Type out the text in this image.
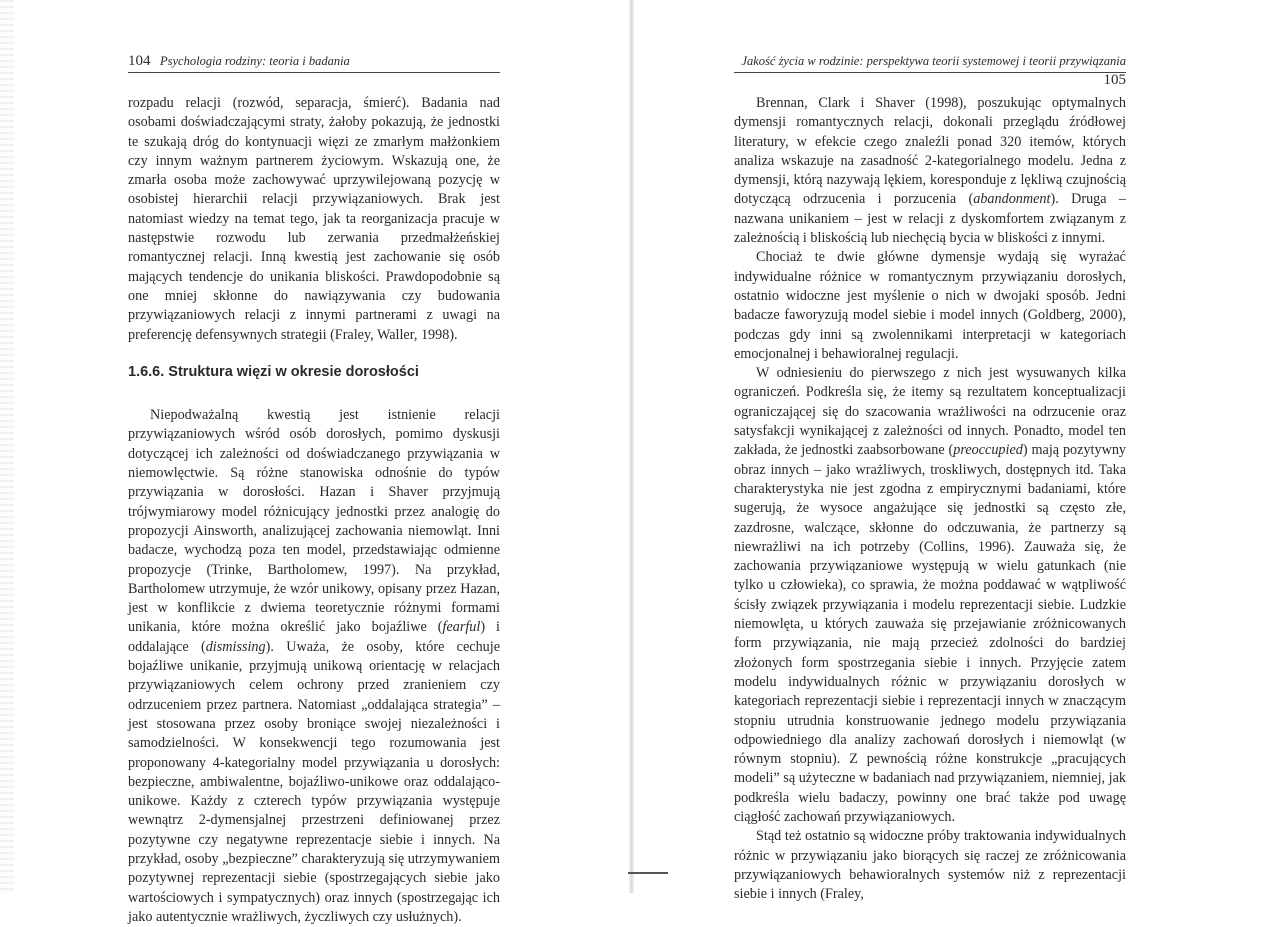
104 Psychologia rodziny: teoria i badania

rozpadu relacji (rozwód, separacja, śmierć). Badania nad osobami doświadczającymi straty, żałoby pokazują, że jednostki te szukają dróg do kontynuacji więzi ze zmarłym małżonkiem czy innym ważnym partnerem życiowym. Wskazują one, że zmarła osoba może zachowywać uprzywilejowaną pozycję w osobistej hierarchii relacji przywiązaniowych. Brak jest natomiast wiedzy na temat tego, jak ta reorganizacja pracuje w następstwie rozwodu lub zerwania przedmałżeńskiej romantycznej relacji. Inną kwestią jest zachowanie się osób mających tendencje do unikania bliskości. Prawdopodobnie są one mniej skłonne do nawiązywania czy budowania przywiązaniowych relacji z innymi partnerami z uwagi na preferencję defensywnych strategii (Fraley, Waller, 1998).

1.6.6. Struktura więzi w okresie dorosłości

Niepodważalną kwestią jest istnienie relacji przywiązaniowych wśród osób dorosłych, pomimo dyskusji dotyczącej ich zależności od doświadczanego przywiązania w niemowlęctwie. Są różne stanowiska odnośnie do typów przywiązania w dorosłości. Hazan i Shaver przyjmują trójwymiarowy model różnicujący jednostki przez analogię do propozycji Ainsworth, analizującej zachowania niemowląt. Inni badacze, wychodzą poza ten model, przedstawiając odmienne propozycje (Trinke, Bartholomew, 1997). Na przykład, Bartholomew utrzymuje, że wzór unikowy, opisany przez Hazan, jest w konflikcie z dwiema teoretycznie różnymi formami unikania, które można określić jako bojaźliwe (fearful) i oddalające (dismissing). Uważa, że osoby, które cechuje bojaźliwe unikanie, przyjmują unikową orientację w relacjach przywiązaniowych celem ochrony przed zranieniem czy odrzuceniem przez partnera. Natomiast „oddalająca strategia” – jest stosowana przez osoby broniące swojej niezależności i samodzielności. W konsekwencji tego rozumowania jest proponowany 4-kategorialny model przywiązania u dorosłych: bezpieczne, ambiwalentne, bojaźliwo-unikowe oraz oddalająco-unikowe. Każdy z czterech typów przywiązania występuje wewnątrz 2-dymensjalnej przestrzeni definiowanej przez pozytywne czy negatywne reprezentacje siebie i innych. Na przykład, osoby „bezpieczne” charakteryzują się utrzymywaniem pozytywnej reprezentacji siebie (spostrzegających siebie jako wartościowych i sympatycznych) oraz innych (spostrzegając ich jako autentycznie wrażliwych, życzliwych czy usłużnych).

Jakość życia w rodzinie: perspektywa teorii systemowej i teorii przywiązania 105

Brennan, Clark i Shaver (1998), poszukując optymalnych dymensji romantycznych relacji, dokonali przeglądu źródłowej literatury, w efekcie czego znaleźli ponad 320 itemów, których analiza wskazuje na zasadność 2-kategorialnego modelu. Jedna z dymensji, którą nazywają lękiem, koresponduje z lękliwą czujnością dotyczącą odrzucenia i porzucenia (abandonment). Druga – nazwana unikaniem – jest w relacji z dyskomfortem związanym z zależnością i bliskością lub niechęcią bycia w bliskości z innymi.

Chociaż te dwie główne dymensje wydają się wyrażać indywidualne różnice w romantycznym przywiązaniu dorosłych, ostatnio widoczne jest myślenie o nich w dwojaki sposób. Jedni badacze faworyzują model siebie i model innych (Goldberg, 2000), podczas gdy inni są zwolennikami interpretacji w kategoriach emocjonalnej i behawioralnej regulacji.

W odniesieniu do pierwszego z nich jest wysuwanych kilka ograniczeń. Podkreśla się, że itemy są rezultatem konceptualizacji ograniczającej się do szacowania wrażliwości na odrzucenie oraz satysfakcji wynikającej z zależności od innych. Ponadto, model ten zakłada, że jednostki zaabsorbowane (preoccupied) mają pozytywny obraz innych – jako wrażliwych, troskliwych, dostępnych itd. Taka charakterystyka nie jest zgodna z empirycznymi badaniami, które sugerują, że wysoce angażujące się jednostki są często złe, zazdrosne, walczące, skłonne do odczuwania, że partnerzy są niewrażliwi na ich potrzeby (Collins, 1996). Zauważa się, że zachowania przywiązaniowe występują w wielu gatunkach (nie tylko u człowieka), co sprawia, że można poddawać w wątpliwość ścisły związek przywiązania i modelu reprezentacji siebie. Ludzkie niemowlęta, u których zauważa się przejawianie zróżnicowanych form przywiązania, nie mają przecież zdolności do bardziej złożonych form spostrzegania siebie i innych. Przyjęcie zatem modelu indywidualnych różnic w przywiązaniu dorosłych w kategoriach reprezentacji siebie i reprezentacji innych w znaczącym stopniu utrudnia konstruowanie jednego modelu przywiązania odpowiedniego dla analizy zachowań dorosłych i niemowląt (w równym stopniu). Z pewnością różne konstrukcje „pracujących modeli” są użyteczne w badaniach nad przywiązaniem, niemniej, jak podkreśla wielu badaczy, powinny one brać także pod uwagę ciągłość zachowań przywiązaniowych.

Stąd też ostatnio są widoczne próby traktowania indywidualnych różnic w przywiązaniu jako biorących się raczej ze zróżnicowania przywiązaniowych behawioralnych systemów niż z reprezentacji siebie i innych (Fraley,
